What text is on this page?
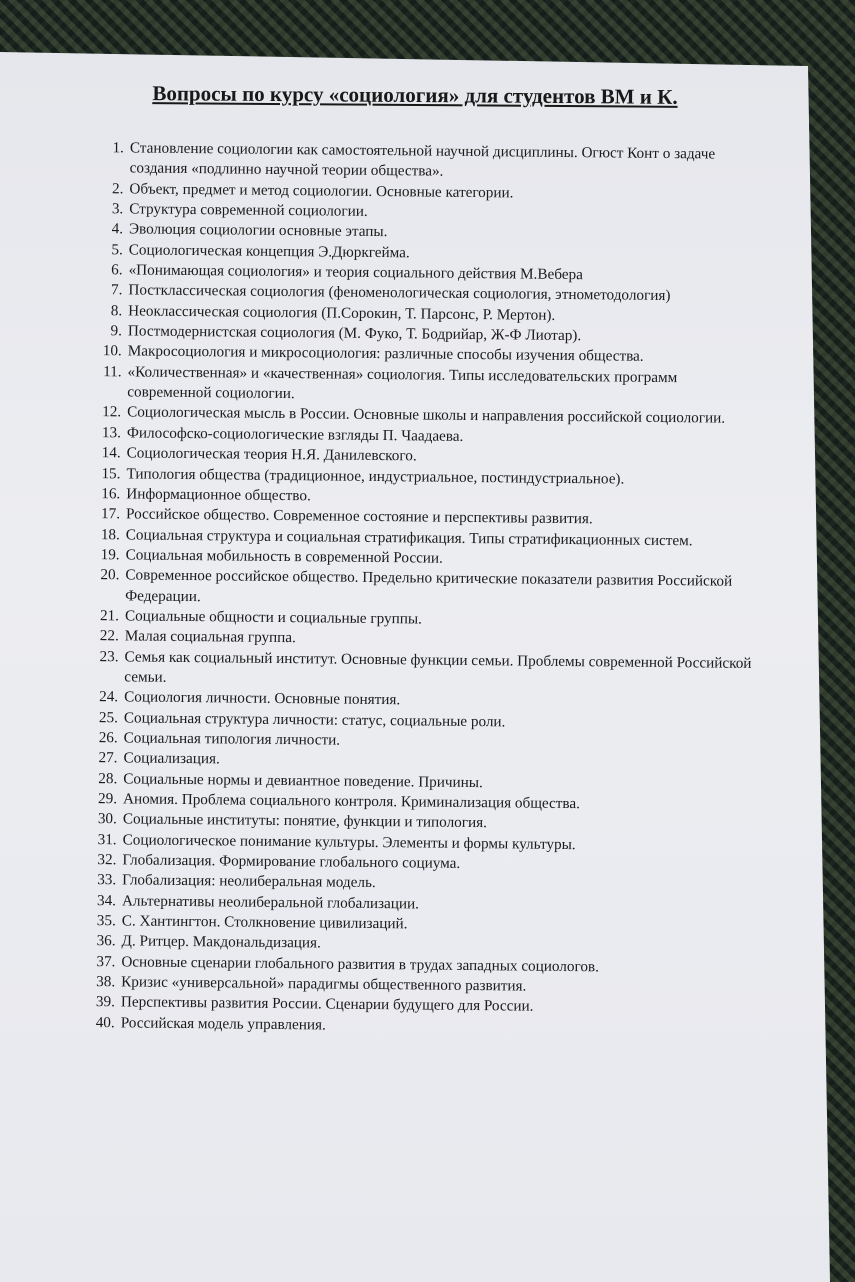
Вопросы по курсу «социология» для студентов ВМ и К.
1. Становление социологии как самостоятельной научной дисциплины. Огюст Конт о задаче создания «подлинно научной теории общества».
2. Объект, предмет и метод социологии. Основные категории.
3. Структура современной социологии.
4. Эволюция социологии основные этапы.
5. Социологическая концепция Э.Дюркгейма.
6. «Понимающая социология» и теория социального действия М.Вебера
7. Постклассическая социология (феноменологическая социология, этнометодология)
8. Неоклассическая социология (П.Сорокин, Т. Парсонс, Р. Мертон).
9. Постмодернистская социология (М. Фуко, Т. Бодрийар, Ж-Ф Лиотар).
10. Макросоциология и микросоциология: различные способы изучения общества.
11. «Количественная» и «качественная» социология. Типы исследовательских программ современной социологии.
12. Социологическая мысль в России. Основные школы и направления российской социологии.
13. Философско-социологические взгляды П. Чаадаева.
14. Социологическая теория Н.Я. Данилевского.
15. Типология общества (традиционное, индустриальное, постиндустриальное).
16. Информационное общество.
17. Российское общество. Современное состояние и перспективы развития.
18. Социальная структура и социальная стратификация. Типы стратификационных систем.
19. Социальная мобильность в современной России.
20. Современное российское общество. Предельно критические показатели развития Российской Федерации.
21. Социальные общности и социальные группы.
22. Малая социальная группа.
23. Семья как социальный институт. Основные функции семьи. Проблемы современной Российской семьи.
24. Социология личности. Основные понятия.
25. Социальная структура личности: статус, социальные роли.
26. Социальная типология личности.
27. Социализация.
28. Социальные нормы и девиантное поведение. Причины.
29. Аномия. Проблема социального контроля. Криминализация общества.
30. Социальные институты: понятие, функции и типология.
31. Социологическое понимание культуры. Элементы и формы культуры.
32. Глобализация. Формирование глобального социума.
33. Глобализация: неолиберальная модель.
34. Альтернативы неолиберальной глобализации.
35. С. Хантингтон. Столкновение цивилизаций.
36. Д. Ритцер. Макдональдизация.
37. Основные сценарии глобального развития в трудах западных социологов.
38. Кризис «универсальной» парадигмы общественного развития.
39. Перспективы развития России. Сценарии будущего для России.
40. Российская модель управления.
